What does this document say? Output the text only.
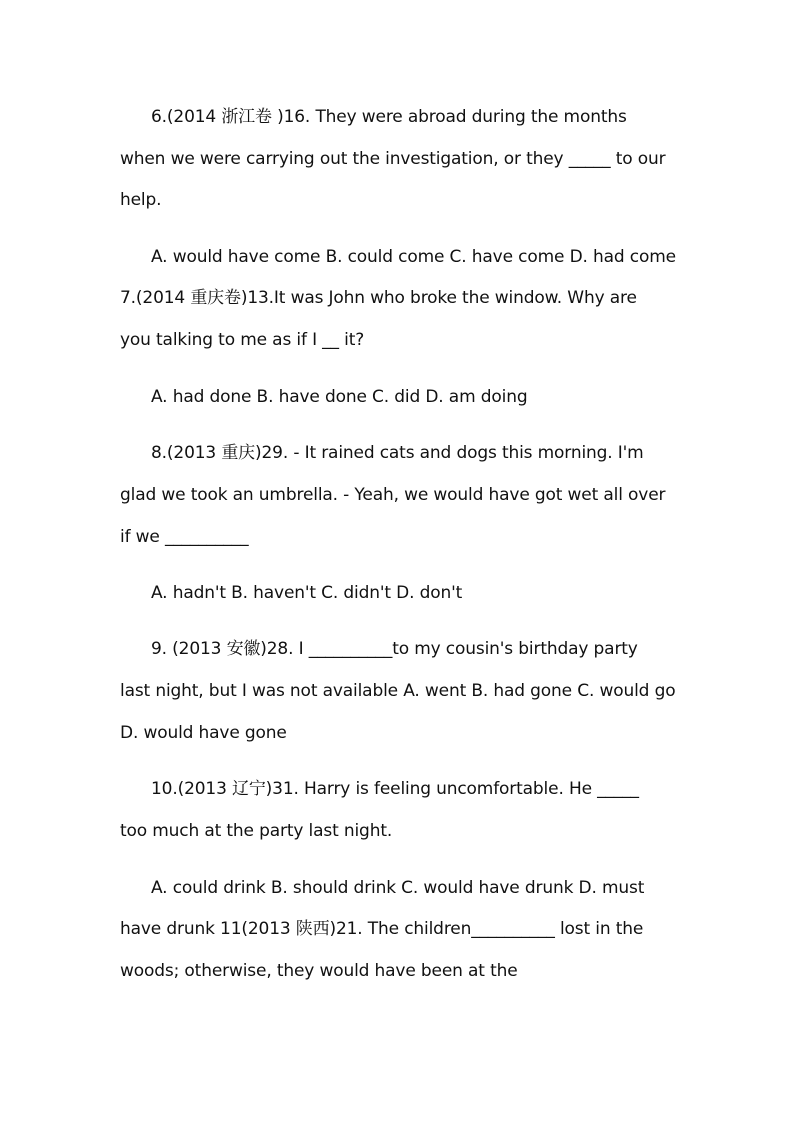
6.(2014 浙江卷 )16. They were abroad during the months
when we were carrying out the investigation, or they _____ to our
help.
A. would have come B. could come C. have come D. had come
7.(2014 重庆卷)13.It was John who broke the window. Why are
you talking to me as if I __ it?
A. had done B. have done C. did D. am doing
8.(2013 重庆)29. - It rained cats and dogs this morning. I'm
glad we took an umbrella. - Yeah, we would have got wet all over
if we __________
A. hadn't B. haven't C. didn't D. don't
9. (2013 安徽)28. I __________to my cousin's birthday party
last night, but I was not available A. went B. had gone C. would go
D. would have gone
10.(2013 辽宁)31. Harry is feeling uncomfortable. He _____
too much at the party last night.
A. could drink B. should drink C. would have drunk D. must
have drunk 11(2013 陕西)21. The children__________ lost in the
woods; otherwise, they would have been at the
